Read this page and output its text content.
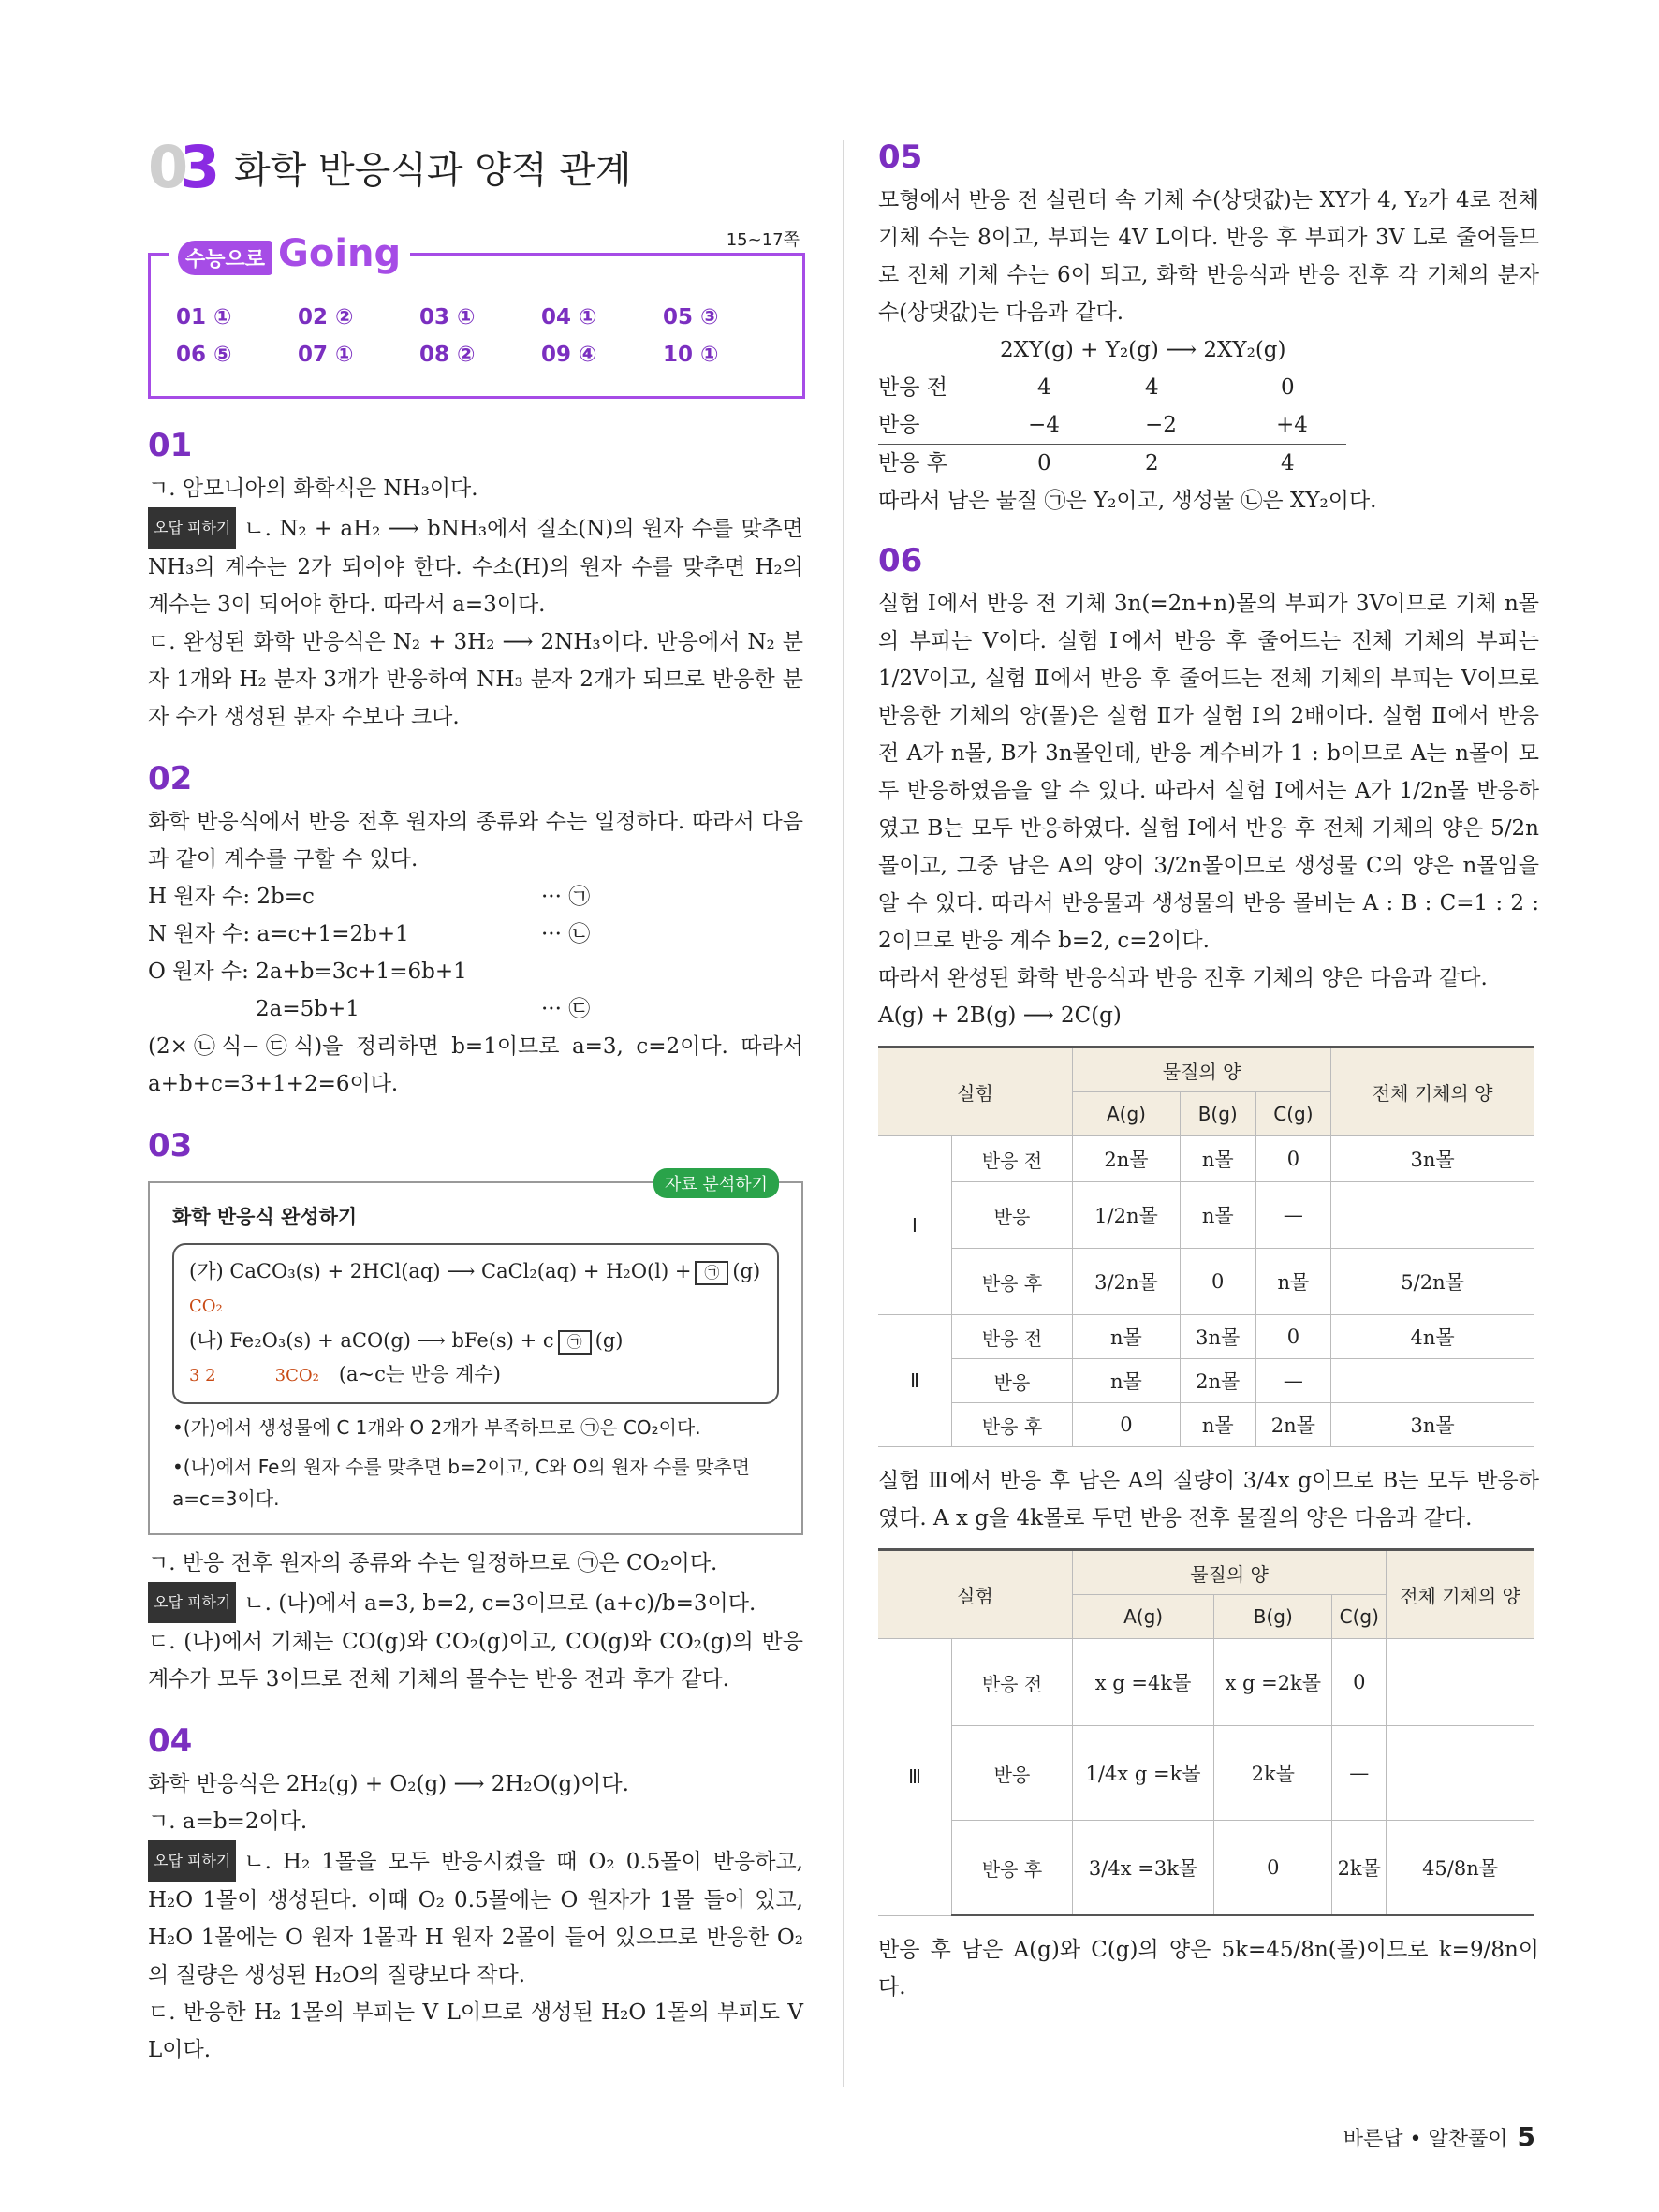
0
3 화학 반응식과 양적 관계
수능으로 Going	15~17쪽
01 ①	02 ②	03 ①	04 ①	05 ③
06 ⑤	07 ①	08 ②	09 ④	10 ①
01

ㄱ. 암모니아의 화학식은 NH₃이다.

오답 피하기 ㄴ. N₂ + aH₂ ⟶ bNH₃에서 질소(N)의 원자 수를 맞추면 NH₃의 계수는 2가 되어야 한다. 수소(H)의 원자 수를 맞추면 H₂의 계수는 3이 되어야 한다. 따라서 a=3이다.

ㄷ. 완성된 화학 반응식은 N₂ + 3H₂ ⟶ 2NH₃이다. 반응에서 N₂ 분자 1개와 H₂ 분자 3개가 반응하여 NH₃ 분자 2개가 되므로 반응한 분자 수가 생성된 분자 수보다 크다.

02

화학 반응식에서 반응 전후 원자의 종류와 수는 일정하다. 따라서 다음과 같이 계수를 구할 수 있다.

H 원자 수: 2b=c	··· ㉠
N 원자 수: a=c+1=2b+1	··· ㉡
O 원자 수: 2a+b=3c+1=6b+1
　　　　　2a=5b+1	··· ㉢

(2×㉡식−㉢식)을 정리하면 b=1이므로 a=3, c=2이다. 따라서 a+b+c=3+1+2=6이다.

03
자료 분석하기
화학 반응식 완성하기
(가) CaCO₃(s) + 2HCl(aq) ⟶ CaCl₂(aq) + H₂O(l) + ㉠ (g) CO₂
(나) Fe₂O₃(s) + aCO(g) ⟶ bFe(s) + c ㉠ (g)
3 2　　　	3CO₂　 (a~c는 반응 계수)
•(가)에서 생성물에 C 1개와 O 2개가 부족하므로 ㉠은 CO₂이다.
•(나)에서 Fe의 원자 수를 맞추면 b=2이고, C와 O의 원자 수를 맞추면 a=c=3이다.

ㄱ. 반응 전후 원자의 종류와 수는 일정하므로 ㉠은 CO₂이다.

오답 피하기 ㄴ. (나)에서 a=3, b=2, c=3이므로 (a+c)/b=3이다.

ㄷ. (나)에서 기체는 CO(g)와 CO₂(g)이고, CO(g)와 CO₂(g)의 반응 계수가 모두 3이므로 전체 기체의 몰수는 반응 전과 후가 같다.

04

화학 반응식은 2H₂(g) + O₂(g) ⟶ 2H₂O(g)이다.

ㄱ. a=b=2이다.

오답 피하기 ㄴ. H₂ 1몰을 모두 반응시켰을 때 O₂ 0.5몰이 반응하고, H₂O 1몰이 생성된다. 이때 O₂ 0.5몰에는 O 원자가 1몰 들어 있고, H₂O 1몰에는 O 원자 1몰과 H 원자 2몰이 들어 있으므로 반응한 O₂의 질량은 생성된 H₂O의 질량보다 작다.

ㄷ. 반응한 H₂ 1몰의 부피는 V L이므로 생성된 H₂O 1몰의 부피도 V L이다.

05

모형에서 반응 전 실린더 속 기체 수(상댓값)는 XY가 4, Y₂가 4로 전체 기체 수는 8이고, 부피는 4V L이다. 반응 후 부피가 3V L로 줄어들므로 전체 기체 수는 6이 되고, 화학 반응식과 반응 전후 각 기체의 분자 수(상댓값)는 다음과 같다.

2XY(g) + Y₂(g) ⟶ 2XY₂(g)
반응 전	4	4	0
반응	−4	−2	+4
반응 후	0	2	4

따라서 남은 물질 ㉠은 Y₂이고, 생성물 ㉡은 XY₂이다.

06

실험 Ⅰ에서 반응 전 기체 3n(=2n+n)몰의 부피가 3V이므로 기체 n몰의 부피는 V이다. 실험 Ⅰ에서 반응 후 줄어드는 전체 기체의 부피는 1/2V이고, 실험 Ⅱ에서 반응 후 줄어드는 전체 기체의 부피는 V이므로 반응한 기체의 양(몰)은 실험 Ⅱ가 실험 Ⅰ의 2배이다. 실험 Ⅱ에서 반응 전 A가 n몰, B가 3n몰인데, 반응 계수비가 1 : b이므로 A는 n몰이 모두 반응하였음을 알 수 있다. 따라서 실험 Ⅰ에서는 A가 1/2n몰 반응하였고 B는 모두 반응하였다. 실험 Ⅰ에서 반응 후 전체 기체의 양은 5/2n몰이고, 그중 남은 A의 양이 3/2n몰이므로 생성물 C의 양은 n몰임을 알 수 있다. 따라서 반응물과 생성물의 반응 몰비는 A : B : C=1 : 2 : 2이므로 반응 계수 b=2, c=2이다.

따라서 완성된 화학 반응식과 반응 전후 기체의 양은 다음과 같다.

A(g) + 2B(g) ⟶ 2C(g)

실험		물질의 양			전체 기체의 양
		A(g)	B(g)	C(g)	
Ⅰ	반응 전	2n몰	n몰	0	3n몰
	반응	1/2n몰	n몰	—	
	반응 후	3/2n몰	0	n몰	5/2n몰
Ⅱ	반응 전	n몰	3n몰	0	4n몰
	반응	n몰	2n몰	—	
	반응 후	0	n몰	2n몰	3n몰

실험 Ⅲ에서 반응 후 남은 A의 질량이 3/4x g이므로 B는 모두 반응하였다. A x g을 4k몰로 두면 반응 전후 물질의 양은 다음과 같다.

실험		물질의 양			전체 기체의 양
		A(g)	B(g)	C(g)	
Ⅲ	반응 전	x g =4k몰	x g =2k몰	0	
	반응	1/4x g =k몰	2k몰	—	
	반응 후	3/4x =3k몰	0	2k몰	45/8n몰

반응 후 남은 A(g)와 C(g)의 양은 5k=45/8n(몰)이므로 k=9/8n이다.

바른답 • 알찬풀이 5
